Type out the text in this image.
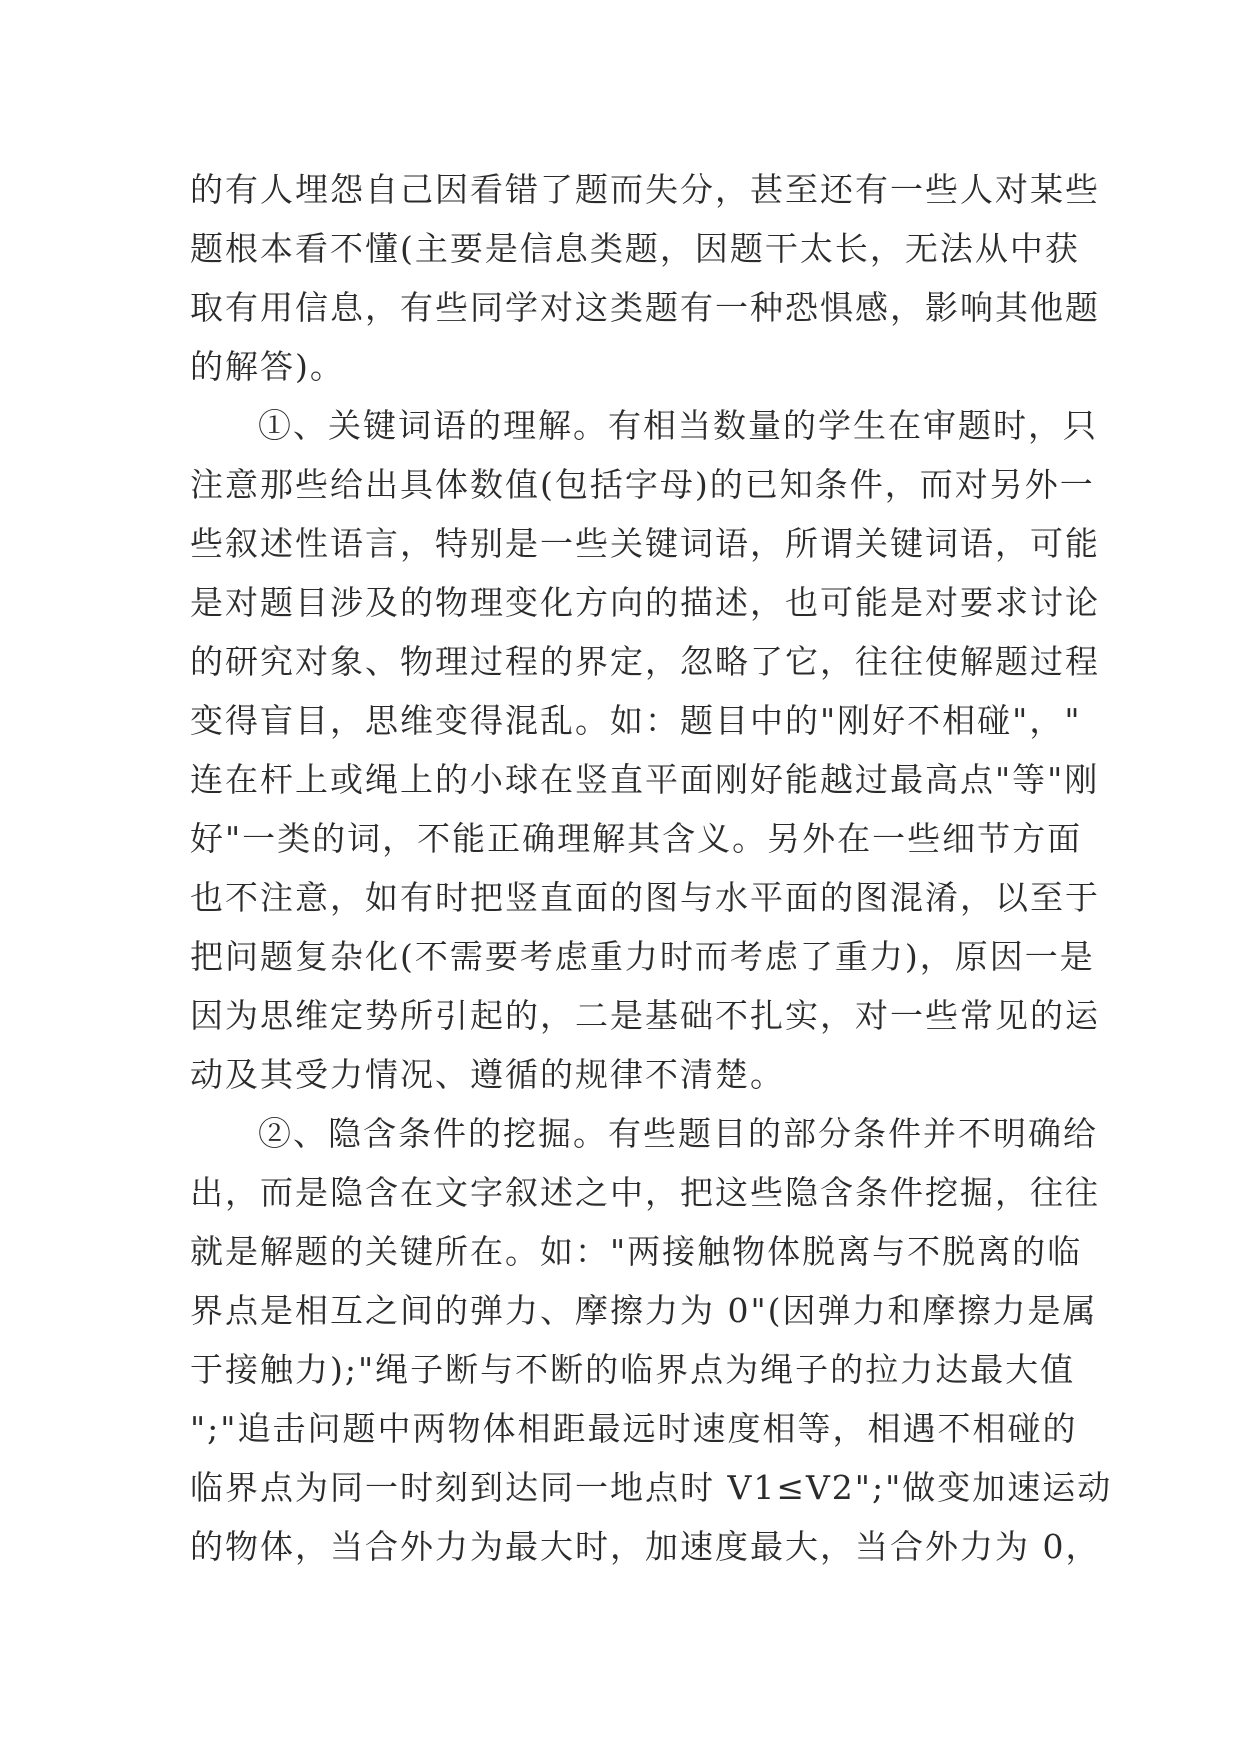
的有人埋怨自己因看错了题而失分，甚至还有一些人对某些
题根本看不懂(主要是信息类题，因题干太长，无法从中获
取有用信息，有些同学对这类题有一种恐惧感，影响其他题
的解答)。
①、关键词语的理解。有相当数量的学生在审题时，只
注意那些给出具体数值(包括字母)的已知条件，而对另外一
些叙述性语言，特别是一些关键词语，所谓关键词语，可能
是对题目涉及的物理变化方向的描述，也可能是对要求讨论
的研究对象、物理过程的界定，忽略了它，往往使解题过程
变得盲目，思维变得混乱。如：题目中的"刚好不相碰"，"
连在杆上或绳上的小球在竖直平面刚好能越过最高点"等"刚
好"一类的词，不能正确理解其含义。另外在一些细节方面
也不注意，如有时把竖直面的图与水平面的图混淆，以至于
把问题复杂化(不需要考虑重力时而考虑了重力)，原因一是
因为思维定势所引起的，二是基础不扎实，对一些常见的运
动及其受力情况、遵循的规律不清楚。
②、隐含条件的挖掘。有些题目的部分条件并不明确给
出，而是隐含在文字叙述之中，把这些隐含条件挖掘，往往
就是解题的关键所在。如："两接触物体脱离与不脱离的临
界点是相互之间的弹力、摩擦力为 0"(因弹力和摩擦力是属
于接触力);"绳子断与不断的临界点为绳子的拉力达最大值
";"追击问题中两物体相距最远时速度相等，相遇不相碰的
临界点为同一时刻到达同一地点时 V1≤V2";"做变加速运动
的物体，当合外力为最大时，加速度最大，当合外力为 0，
